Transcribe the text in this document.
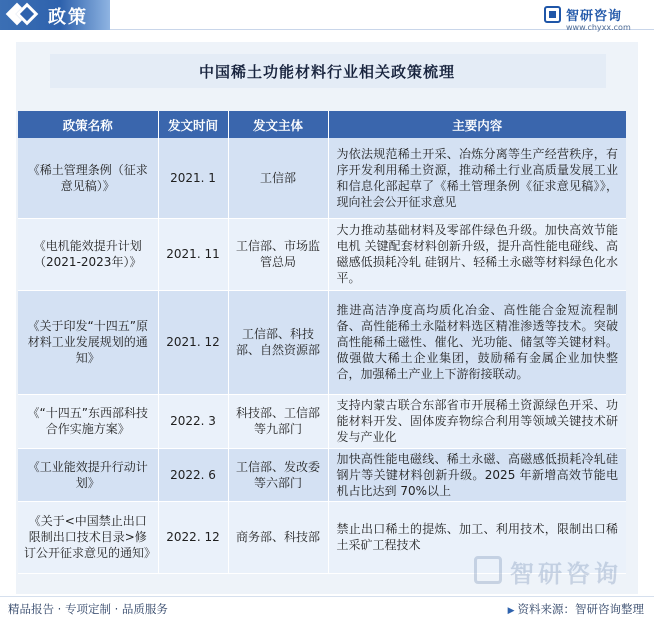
政策	智研咨询
www.chyxx.com
中国稀土功能材料行业相关政策梳理
政策名称	发文时间	发文主体	主要内容
《稀土管理条例（征求意见稿）》	2021. 1	工信部	为依法规范稀土开采、冶炼分离等生产经营秩序，有序开发利用稀土资源，推动稀土行业高质量发展工业和信息化部起草了《稀土管理条例《征求意见稿》》，现向社会公开征求意见
《电机能效提升计划（2021-2023年）》	2021. 11	工信部、市场监管总局	大力推动基础材料及零部件绿色升级。加快高效节能电机 关键配套材料创新升级，提升高性能电碰线、高磁感低损耗冷轧 硅钢片、轻稀土永磁等材料绿色化水平。
《关于印发“十四五”原材料工业发展规划的通知》	2021. 12	工信部、科技部、自然资源部	推进高洁净度高均质化冶金、高性能合金短流程制备、高性能稀土永隘材料选区精准渗透等技术。突破高性能稀土磁性、催化、光功能、储氢等关键材料。做强做大稀土企业集团，鼓励稀有金属企业加快整合，加强稀土产业上下游衔接联动。
《“十四五”东西部科技合作实施方案》	2022. 3	科技部、工信部等九部门	支持内蒙古联合东部省市开展稀土资源绿色开采、功能材料开发、固体废弃物综合利用等领域关键技术研发与产业化
《工业能效提升行动计划》	2022. 6	工信部、发改委等六部门	加快高性能电磁线、稀土永磁、高磁感低损耗冷轧硅钢片等关键材料创新升级。2025 年新增高效节能电机占比达到 70%以上
《关于<中国禁止出口限制出口技术目录>修订公开征求意见的通知》	2022. 12	商务部、科技部	禁止出口稀土的提炼、加工、利用技术，限制出口稀土采矿工程技术
智研咨询
精品报告 · 专项定制 · 品质服务	▶ 资料来源：智研咨询整理
